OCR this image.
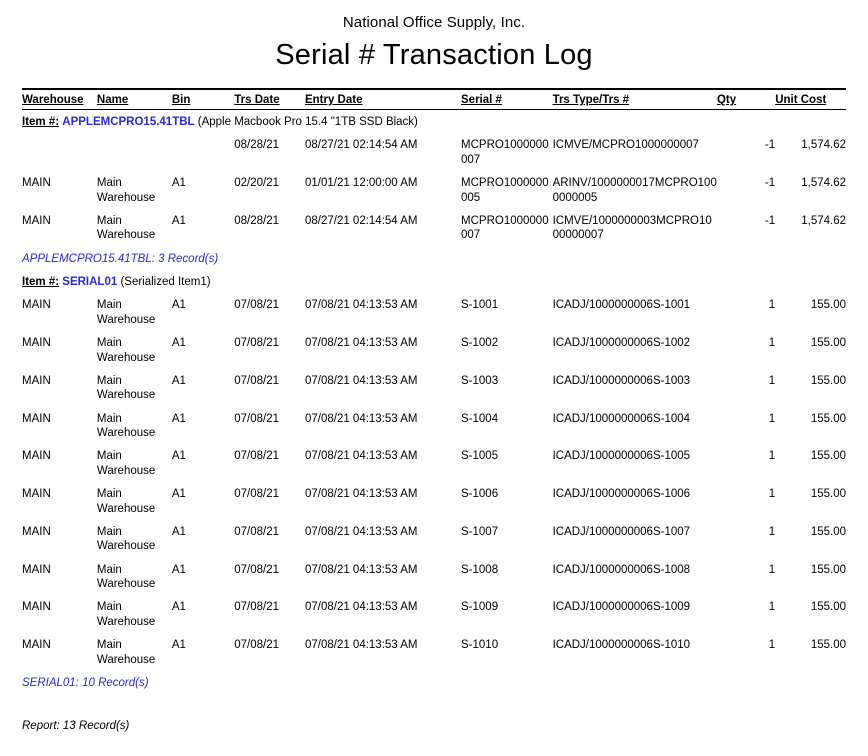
National Office Supply, Inc.
Serial # Transaction Log
Warehouse	Name	Bin	Trs Date	Entry Date	Serial #	Trs Type/Trs #	Qty	Unit Cost
Item #: APPLEMCPRO15.41TBL (Apple Macbook Pro 15.4 "1TB SSD Black)								
			08/28/21	08/27/21 02:14:54 AM	MCPRO1000000007	ICMVE/MCPRO1000000007	-1	1,574.62
MAIN	Main Warehouse	A1	02/20/21	01/01/21 12:00:00 AM	MCPRO1000000005	ARINV/1000000017MCPRO1000000005	-1	1,574.62
MAIN	Main Warehouse	A1	08/28/21	08/27/21 02:14:54 AM	MCPRO1000000007	ICMVE/1000000003MCPRO1000000007	-1	1,574.62
APPLEMCPRO15.41TBL: 3 Record(s)								
Item #: SERIAL01 (Serialized Item1)								
MAIN	Main Warehouse	A1	07/08/21	07/08/21 04:13:53 AM	S-1001	ICADJ/1000000006S-1001	1	155.00
MAIN	Main Warehouse	A1	07/08/21	07/08/21 04:13:53 AM	S-1002	ICADJ/1000000006S-1002	1	155.00
MAIN	Main Warehouse	A1	07/08/21	07/08/21 04:13:53 AM	S-1003	ICADJ/1000000006S-1003	1	155.00
MAIN	Main Warehouse	A1	07/08/21	07/08/21 04:13:53 AM	S-1004	ICADJ/1000000006S-1004	1	155.00
MAIN	Main Warehouse	A1	07/08/21	07/08/21 04:13:53 AM	S-1005	ICADJ/1000000006S-1005	1	155.00
MAIN	Main Warehouse	A1	07/08/21	07/08/21 04:13:53 AM	S-1006	ICADJ/1000000006S-1006	1	155.00
MAIN	Main Warehouse	A1	07/08/21	07/08/21 04:13:53 AM	S-1007	ICADJ/1000000006S-1007	1	155.00
MAIN	Main Warehouse	A1	07/08/21	07/08/21 04:13:53 AM	S-1008	ICADJ/1000000006S-1008	1	155.00
MAIN	Main Warehouse	A1	07/08/21	07/08/21 04:13:53 AM	S-1009	ICADJ/1000000006S-1009	1	155.00
MAIN	Main Warehouse	A1	07/08/21	07/08/21 04:13:53 AM	S-1010	ICADJ/1000000006S-1010	1	155.00
SERIAL01: 10 Record(s)								
Report: 13 Record(s)
